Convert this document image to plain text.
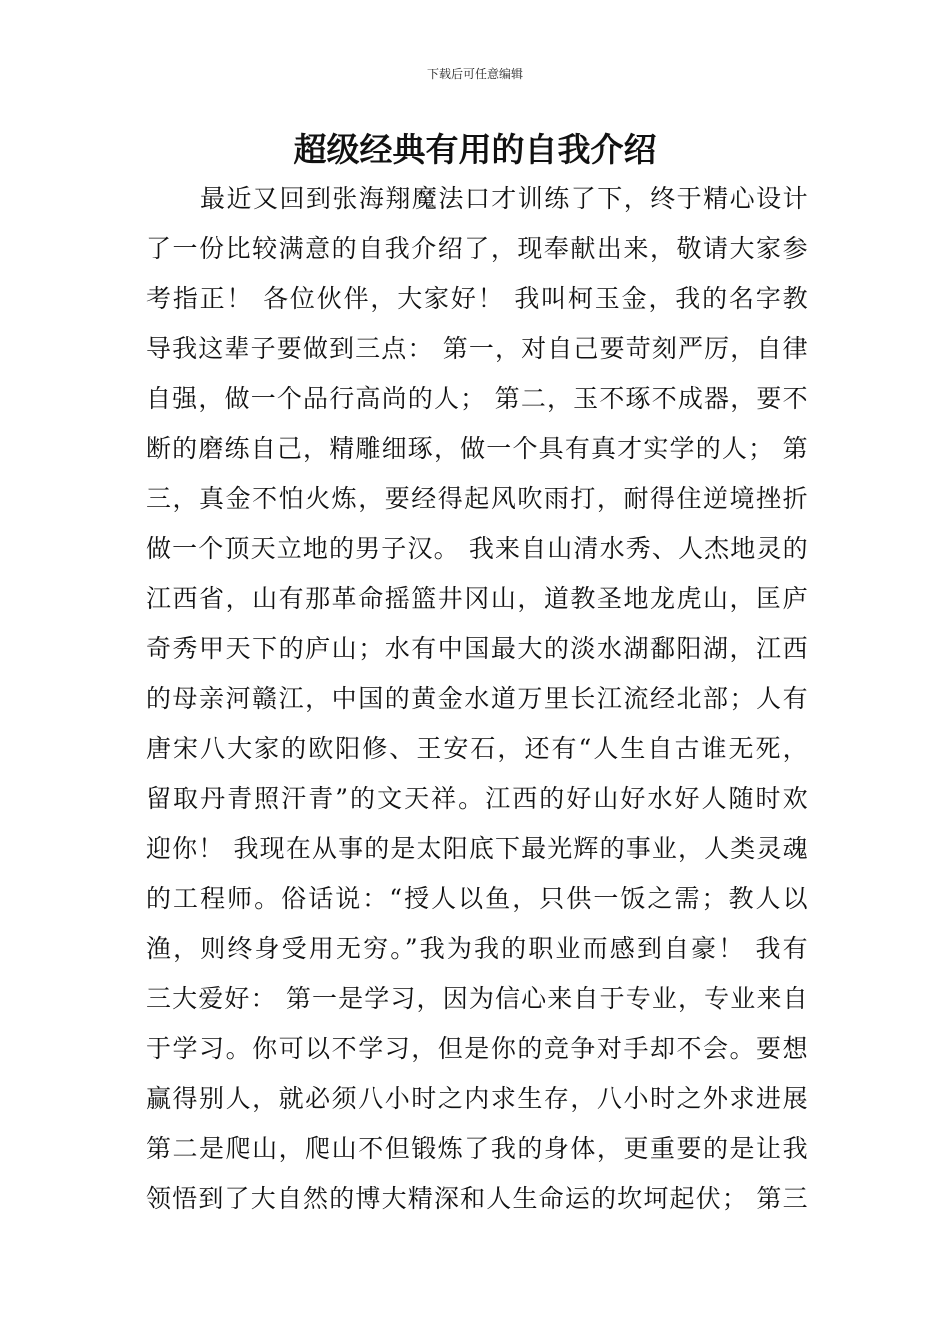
下载后可任意编辑
超级经典有用的自我介绍
最近又回到张海翔魔法口才训练了下，终于精心设计
了一份比较满意的自我介绍了，现奉献出来，敬请大家参
考指正！ 各位伙伴，大家好！ 我叫柯玉金，我的名字教
导我这辈子要做到三点： 第一，对自己要苛刻严厉，自律
自强，做一个品行高尚的人； 第二，玉不琢不成器，要不
断的磨练自己，精雕细琢，做一个具有真才实学的人； 第
三，真金不怕火炼，要经得起风吹雨打，耐得住逆境挫折
做一个顶天立地的男子汉。 我来自山清水秀、人杰地灵的
江西省，山有那革命摇篮井冈山，道教圣地龙虎山，匡庐
奇秀甲天下的庐山；水有中国最大的淡水湖鄱阳湖，江西
的母亲河赣江，中国的黄金水道万里长江流经北部；人有
唐宋八大家的欧阳修、王安石，还有“人生自古谁无死，
留取丹青照汗青”的文天祥。江西的好山好水好人随时欢
迎你！ 我现在从事的是太阳底下最光辉的事业，人类灵魂
的工程师。俗话说：“授人以鱼，只供一饭之需；教人以
渔，则终身受用无穷。”我为我的职业而感到自豪！ 我有
三大爱好： 第一是学习，因为信心来自于专业，专业来自
于学习。你可以不学习，但是你的竞争对手却不会。要想
赢得别人，就必须八小时之内求生存，八小时之外求进展
第二是爬山，爬山不但锻炼了我的身体，更重要的是让我
领悟到了大自然的博大精深和人生命运的坎坷起伏； 第三
